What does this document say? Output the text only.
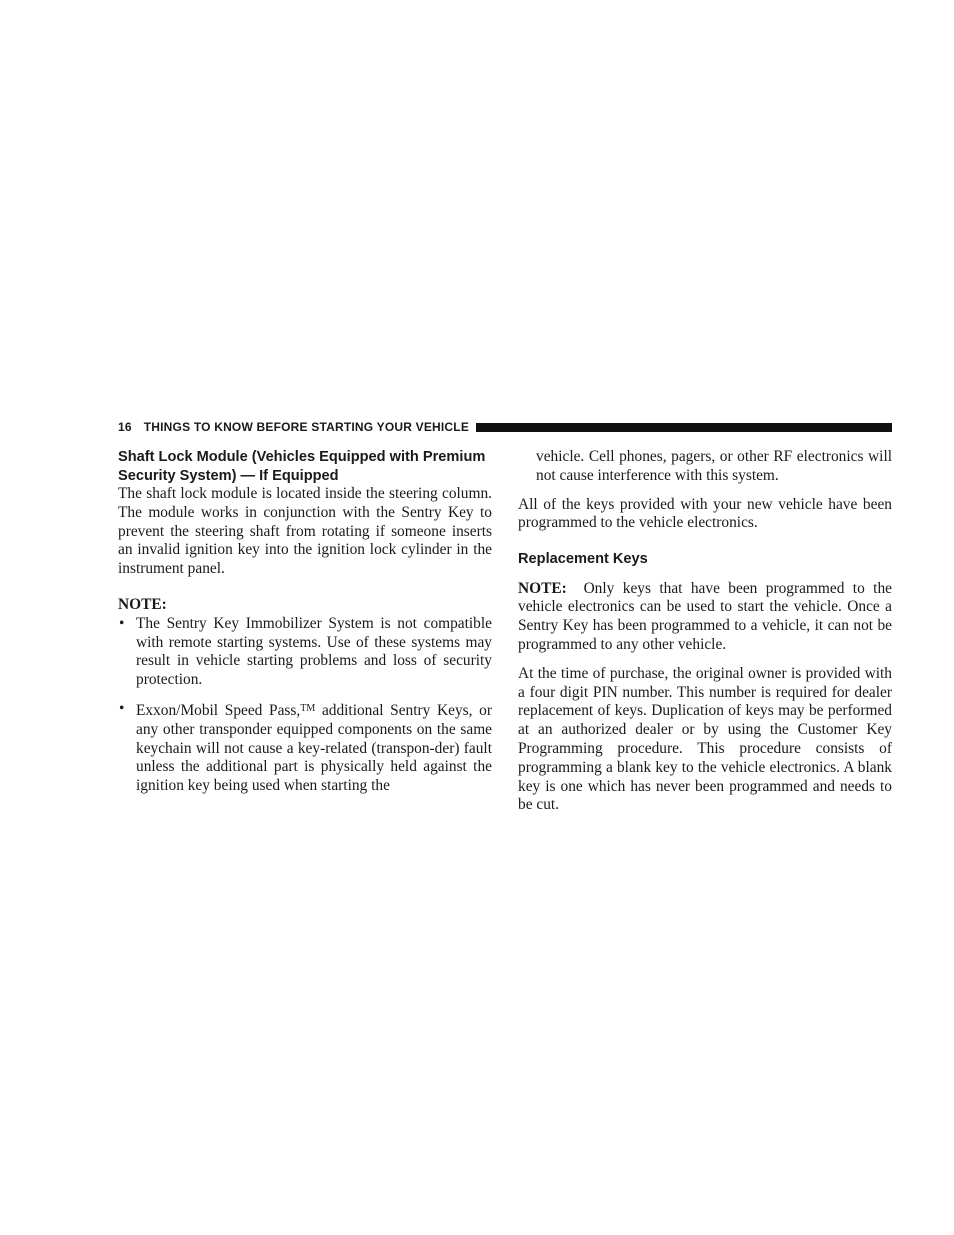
16 THINGS TO KNOW BEFORE STARTING YOUR VEHICLE
Shaft Lock Module (Vehicles Equipped with Premium Security System) — If Equipped

The shaft lock module is located inside the steering column. The module works in conjunction with the Sentry Key to prevent the steering shaft from rotating if someone inserts an invalid ignition key into the ignition lock cylinder in the instrument panel.

NOTE:

• The Sentry Key Immobilizer System is not compatible with remote starting systems. Use of these systems may result in vehicle starting problems and loss of security protection.

• Exxon/Mobil Speed Pass,™ additional Sentry Keys, or any other transponder equipped components on the same keychain will not cause a key-related (transpon-der) fault unless the additional part is physically held against the ignition key being used when starting the

vehicle. Cell phones, pagers, or other RF electronics will not cause interference with this system.

All of the keys provided with your new vehicle have been programmed to the vehicle electronics.

Replacement Keys

NOTE: Only keys that have been programmed to the vehicle electronics can be used to start the vehicle. Once a Sentry Key has been programmed to a vehicle, it can not be programmed to any other vehicle.

At the time of purchase, the original owner is provided with a four digit PIN number. This number is required for dealer replacement of keys. Duplication of keys may be performed at an authorized dealer or by using the Customer Key Programming procedure. This procedure consists of programming a blank key to the vehicle electronics. A blank key is one which has never been programmed and needs to be cut.
